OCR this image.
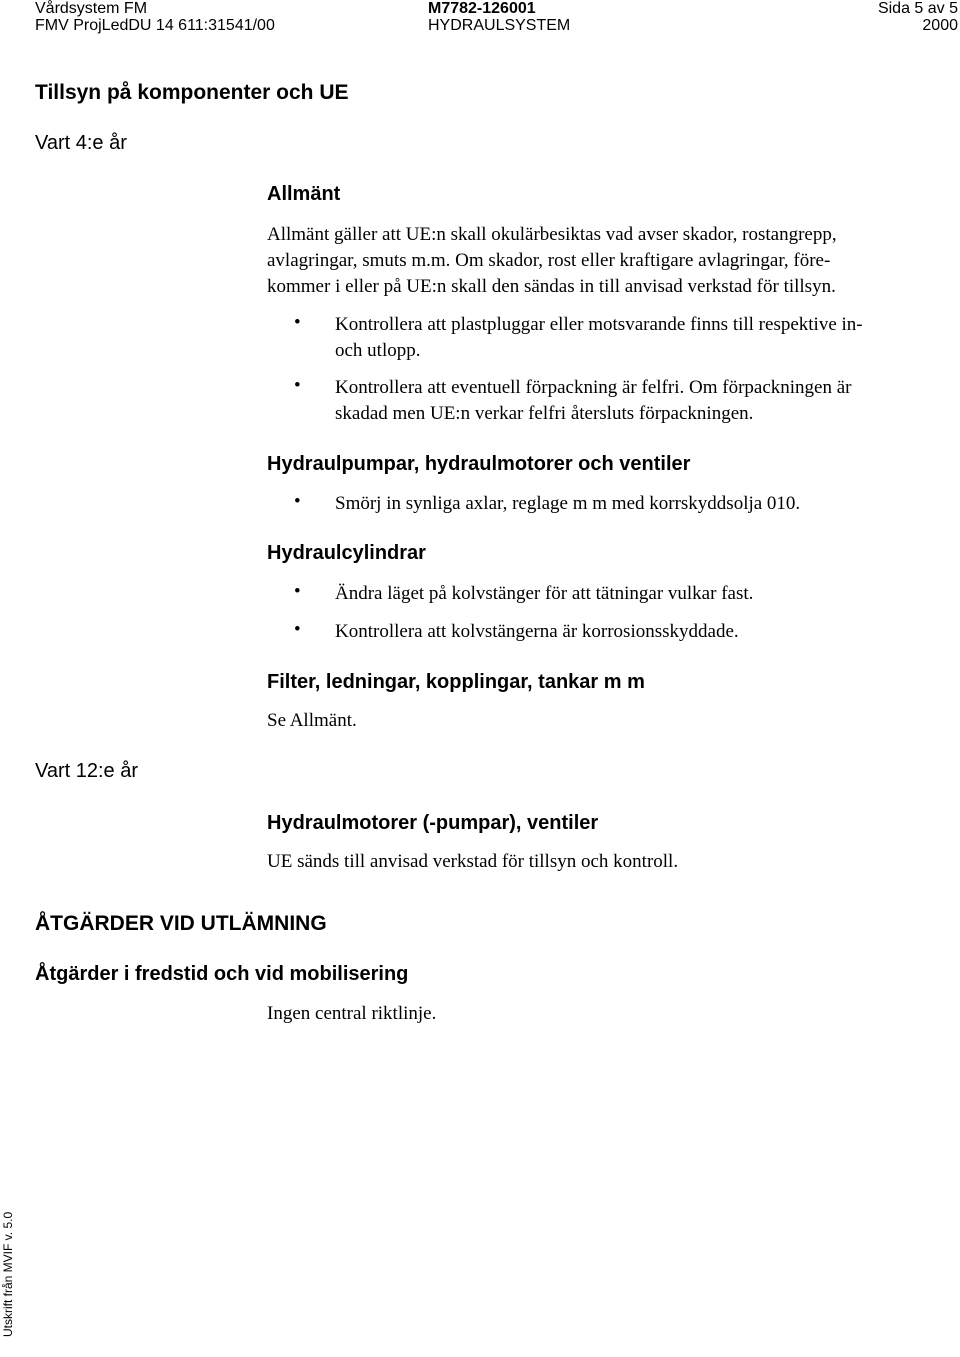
Vårdsystem FM
FMV ProjLedDU 14 611:31541/00
M7782-126001
HYDRAULSYSTEM
Sida 5 av 5
2000
Tillsyn på komponenter och UE
Vart 4:e år
Allmänt
Allmänt gäller att UE:n skall okulärbesiktas vad avser skador, rostangrepp,
avlagringar, smuts m.m. Om skador, rost eller kraftigare avlagringar, före-
kommer i eller på UE:n skall den sändas in till anvisad verkstad för tillsyn.
• Kontrollera att plastpluggar eller motsvarande finns till respektive in-
och utlopp.
• Kontrollera att eventuell förpackning är felfri. Om förpackningen är
skadad men UE:n verkar felfri återsluts förpackningen.
Hydraulpumpar, hydraulmotorer och ventiler
• Smörj in synliga axlar, reglage m m med korrskyddsolja 010.
Hydraulcylindrar
• Ändra läget på kolvstänger för att tätningar vulkar fast.
• Kontrollera att kolvstängerna är korrosionsskyddade.
Filter, ledningar, kopplingar, tankar m m
Se Allmänt.
Vart 12:e år
Hydraulmotorer (-pumpar), ventiler
UE sänds till anvisad verkstad för tillsyn och kontroll.
ÅTGÄRDER VID UTLÄMNING
Åtgärder i fredstid och vid mobilisering
Ingen central riktlinje.
Utskrift från MVIF v. 5.0
